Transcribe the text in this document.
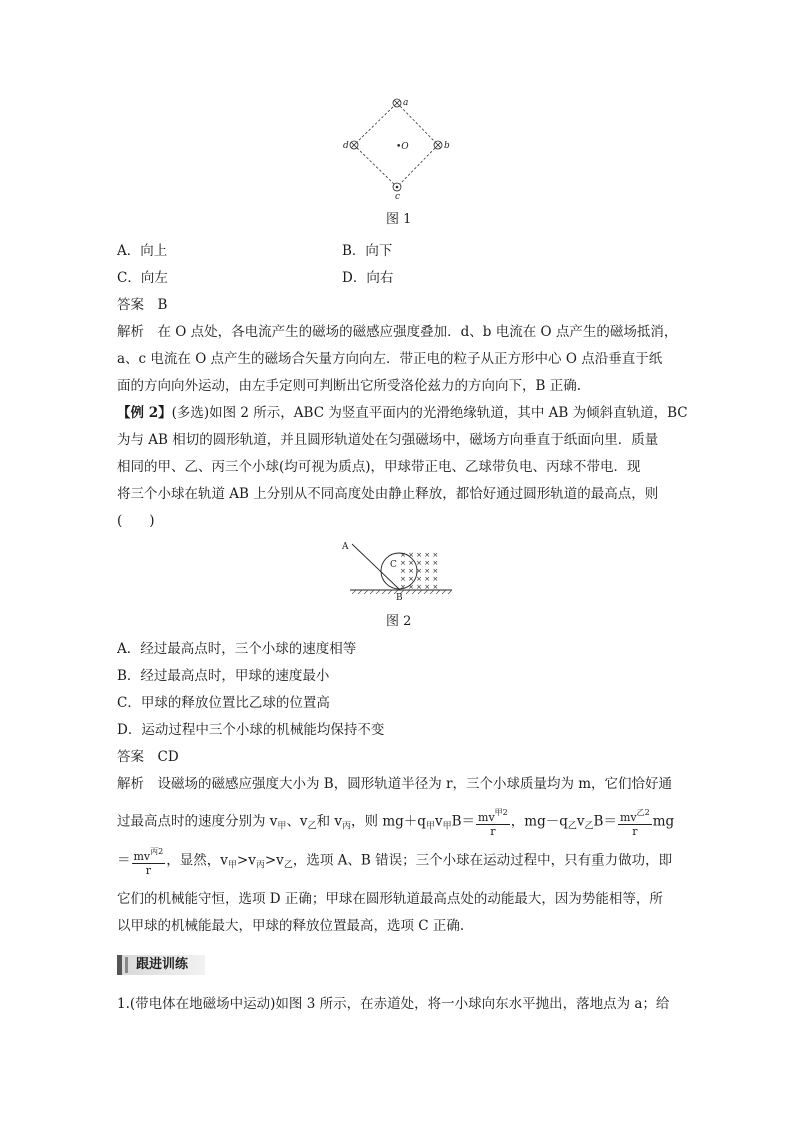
a
b
c
d	•O
图 1
A．向上	B．向下
C．向左	D．向右
答案　B
解析　在 O 点处，各电流产生的磁场的磁感应强度叠加．d、b 电流在 O 点产生的磁场抵消，
a、c 电流在 O 点产生的磁场合矢量方向向左．带正电的粒子从正方形中心 O 点沿垂直于纸
面的方向向外运动，由左手定则可判断出它所受洛伦兹力的方向向下，B 正确.
【例 2】(多选)如图 2 所示，ABC 为竖直平面内的光滑绝缘轨道，其中 AB 为倾斜直轨道，BC
为与 AB 相切的圆形轨道，并且圆形轨道处在匀强磁场中，磁场方向垂直于纸面向里．质量
相同的甲、乙、丙三个小球(均可视为质点)，甲球带正电、乙球带负电、丙球不带电．现
将三个小球在轨道 AB 上分别从不同高度处由静止释放，都恰好通过圆形轨道的最高点，则
(　　)
× × × × ×
× × × × ×
× × × × ×
× × × × ×
× × × × ×
A
B
C
图 2
A．经过最高点时，三个小球的速度相等
B．经过最高点时，甲球的速度最小
C．甲球的释放位置比乙球的位置高
D．运动过程中三个小球的机械能均保持不变
答案　CD
解析　设磁场的磁感应强度大小为 B，圆形轨道半径为 r，三个小球质量均为 m，它们恰好通
过最高点时的速度分别为 $v_甲$、$v_乙$和 $v_丙$，则 $mg+q_甲v_甲B= \frac{mv^{甲2}}{r}$ ，$mg-q_乙v_乙B= \frac{mv^{乙2}}{r}$ mg
＝ $\frac{mv^{丙2}}{r}$ ，显然，$v_甲>v_丙>v_乙$，选项 A、B 错误；三个小球在运动过程中，只有重力做功，即
它们的机械能守恒，选项 D 正确；甲球在圆形轨道最高点处的动能最大，因为势能相等，所
以甲球的机械能最大，甲球的释放位置最高，选项 C 正确.
跟进训练
1.(带电体在地磁场中运动)如图 3 所示，在赤道处，将一小球向东水平抛出，落地点为 a；给
